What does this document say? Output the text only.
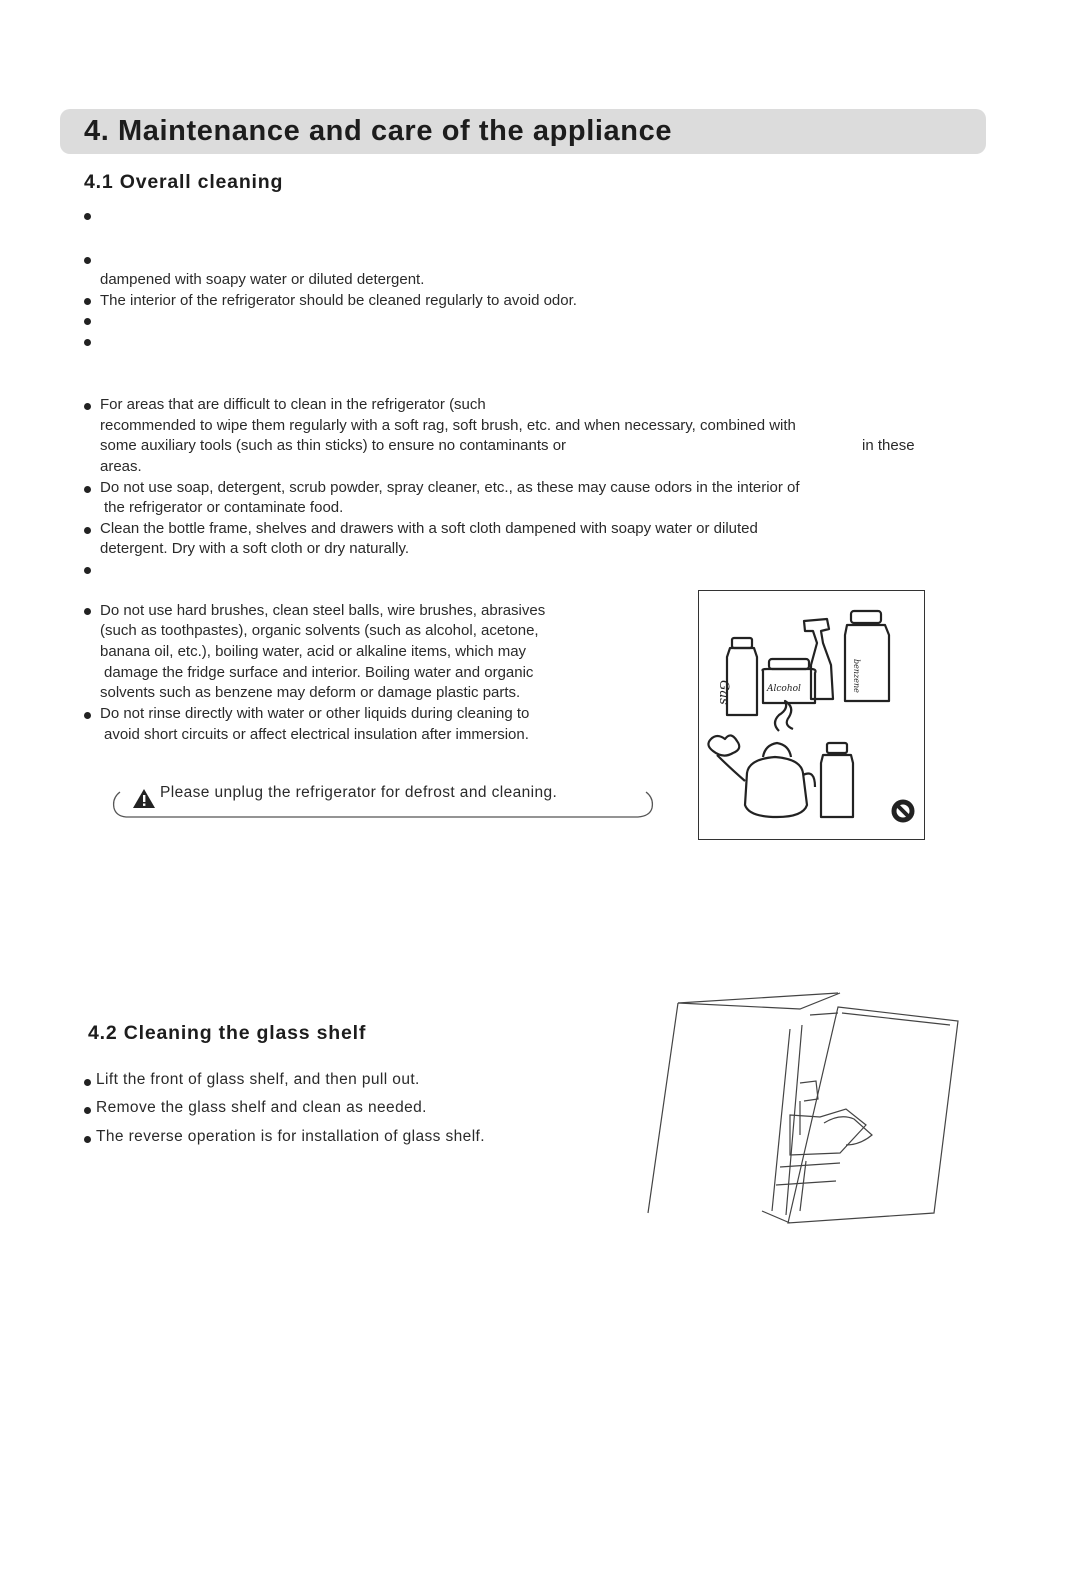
4. Maintenance and care of the appliance
4.1 Overall cleaning
dampened with soapy water or diluted detergent.
The interior of the refrigerator should be cleaned regularly to avoid odor.
For areas that are difficult to clean in the refrigerator (such
recommended to wipe them regularly with a soft rag, soft brush, etc. and when necessary, combined with
some auxiliary tools (such as thin sticks) to ensure no contaminants or	in these
areas.
Do not use soap, detergent, scrub powder, spray cleaner, etc., as these may cause odors in the interior of
the refrigerator or contaminate food.
Clean the bottle frame, shelves and drawers with a soft cloth dampened with soapy water or diluted
detergent. Dry with a soft cloth or dry naturally.
Do not use hard brushes, clean steel balls, wire brushes, abrasives
(such as toothpastes), organic solvents (such as alcohol, acetone,
banana oil, etc.), boiling water, acid or alkaline items, which may
damage the fridge surface and interior. Boiling water and organic
solvents such as benzene may deform or damage plastic parts.
Do not rinse directly with water or other liquids during cleaning to
avoid short circuits or affect electrical insulation after immersion.
Please unplug the refrigerator for defrost and cleaning.
Gas	Alcohol	benzene
4.2 Cleaning the glass shelf
Lift the front of glass shelf, and then pull out.
Remove the glass shelf and clean as needed.
The reverse operation is for installation of glass shelf.
